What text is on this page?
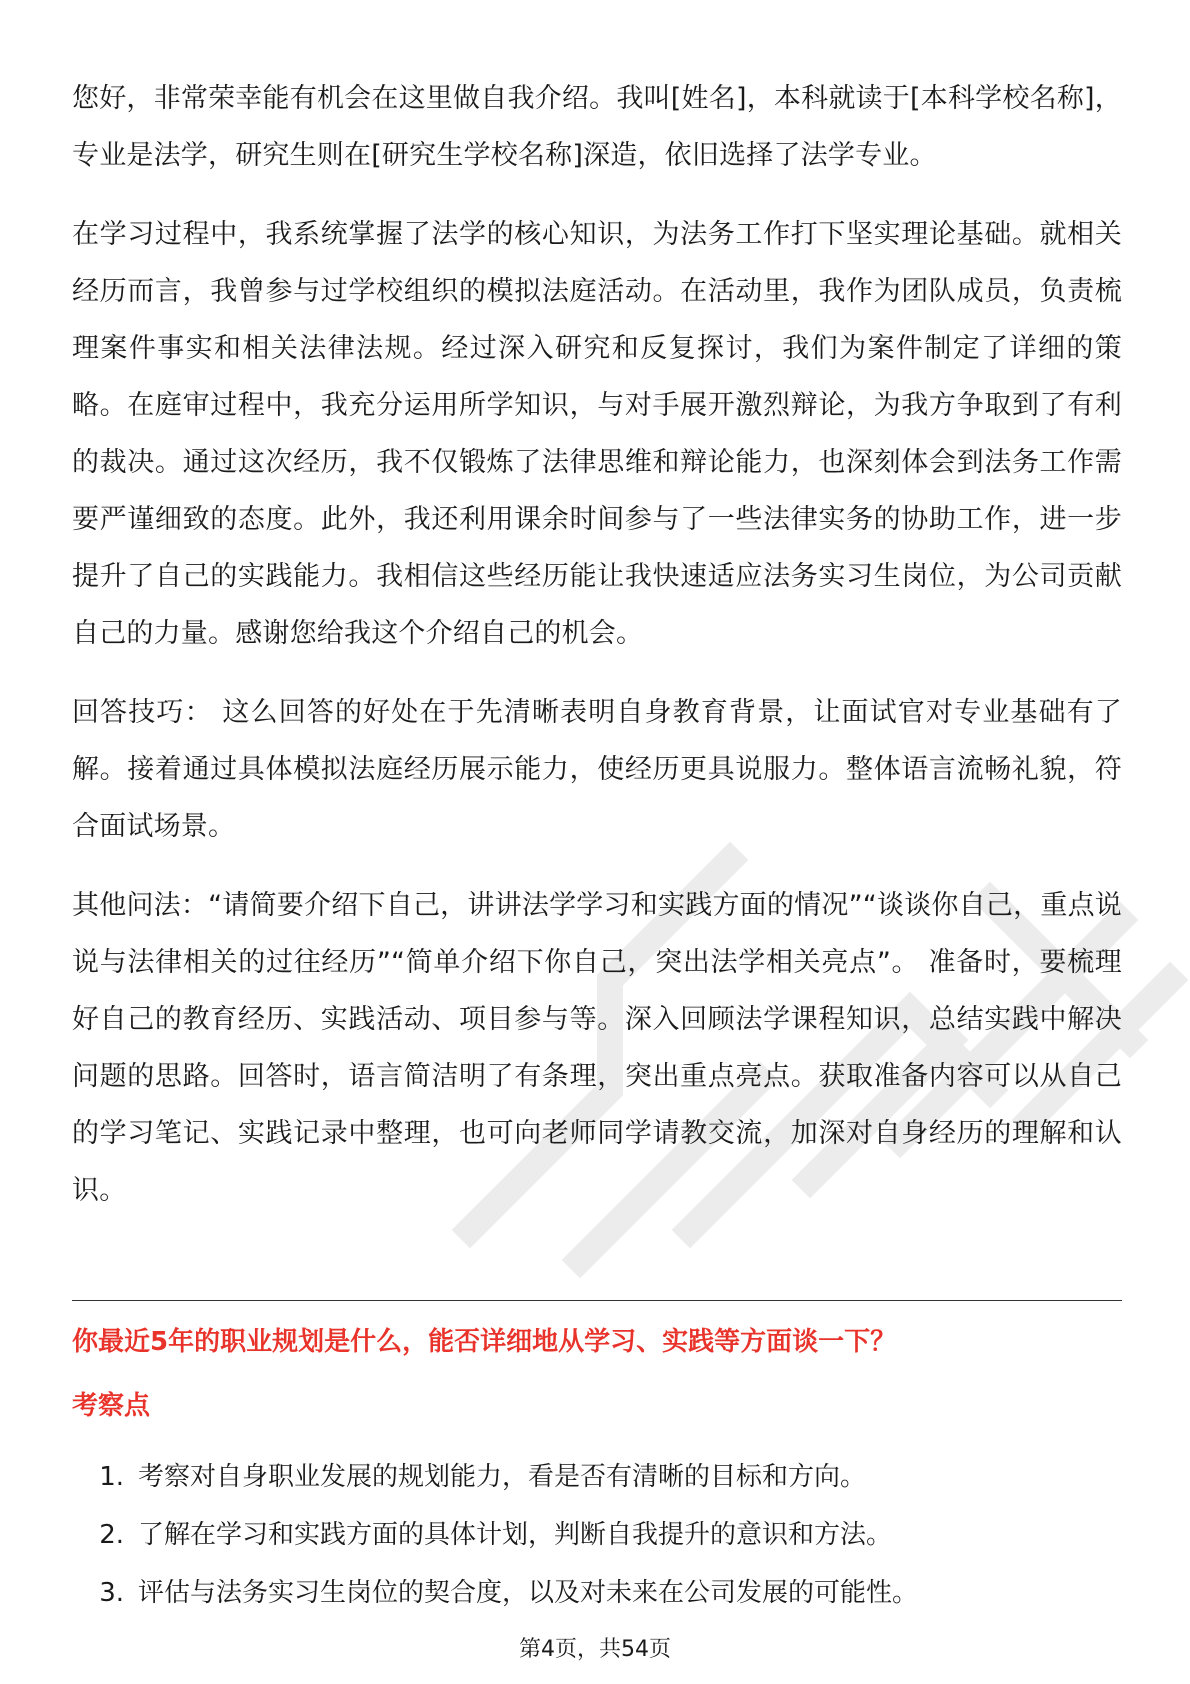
您好，非常荣幸能有机会在这里做自我介绍。我叫[姓名]，本科就读于[本科学校名称]，专业是法学，研究生则在[研究生学校名称]深造，依旧选择了法学专业。

在学习过程中，我系统掌握了法学的核心知识，为法务工作打下坚实理论基础。就相关经历而言，我曾参与过学校组织的模拟法庭活动。在活动里，我作为团队成员，负责梳理案件事实和相关法律法规。经过深入研究和反复探讨，我们为案件制定了详细的策略。在庭审过程中，我充分运用所学知识，与对手展开激烈辩论，为我方争取到了有利的裁决。通过这次经历，我不仅锻炼了法律思维和辩论能力，也深刻体会到法务工作需要严谨细致的态度。此外，我还利用课余时间参与了一些法律实务的协助工作，进一步提升了自己的实践能力。我相信这些经历能让我快速适应法务实习生岗位，为公司贡献自己的力量。感谢您给我这个介绍自己的机会。

回答技巧： 这么回答的好处在于先清晰表明自身教育背景，让面试官对专业基础有了解。接着通过具体模拟法庭经历展示能力，使经历更具说服力。整体语言流畅礼貌，符合面试场景。

其他问法：“请简要介绍下自己，讲讲法学学习和实践方面的情况”“谈谈你自己，重点说说与法律相关的过往经历”“简单介绍下你自己，突出法学相关亮点”。 准备时，要梳理好自己的教育经历、实践活动、项目参与等。深入回顾法学课程知识，总结实践中解决问题的思路。回答时，语言简洁明了有条理，突出重点亮点。获取准备内容可以从自己的学习笔记、实践记录中整理，也可向老师同学请教交流，加深对自身经历的理解和认识。

你最近5年的职业规划是什么，能否详细地从学习、实践等方面谈一下？
考察点
1. 考察对自身职业发展的规划能力，看是否有清晰的目标和方向。
2. 了解在学习和实践方面的具体计划，判断自我提升的意识和方法。
3. 评估与法务实习生岗位的契合度，以及对未来在公司发展的可能性。
第4页，共54页
